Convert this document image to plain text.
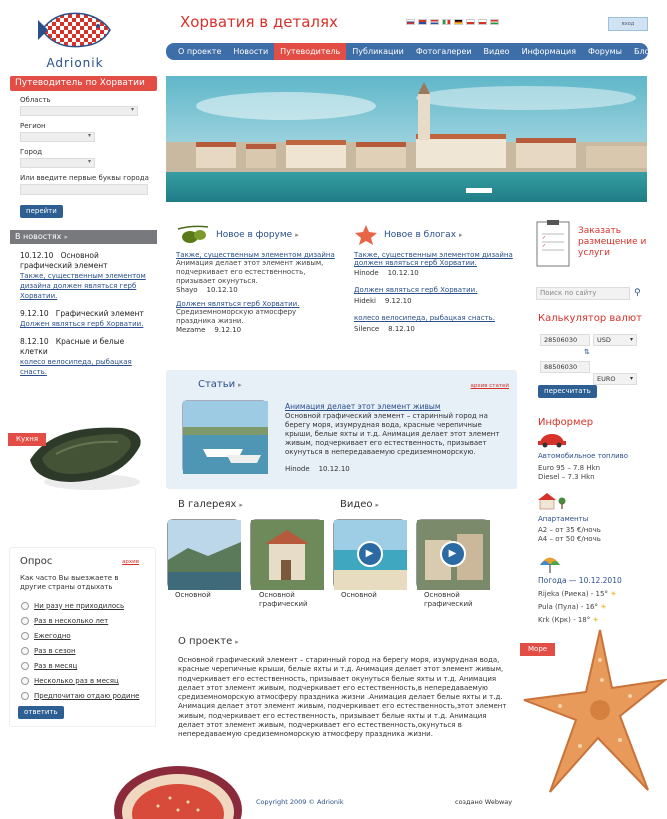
Adrionik
Хорватия в деталях	вход
О проекте	Новости	Путеводитель	Публикации	Фотогалереи	Видео	Информация	Форумы	Блоги
Путеводитель по Хорватии
Область
▾
Регион
▾
Город
▾
Или введите первые буквы города
перейти
В новостях »
10.12.10 Основной графический элемент
Также, существенным элементом дизайна должен являться герб Хорватии.
9.12.10 Графический элемент
Должен являться герб Хорватии.
8.12.10 Красные и белые клетки
колесо велосипеда, рыбацкая снасть.
Кухня
Опрос	архив
Как часто Вы выезжаете в другие страны отдыхать
Ни разу не приходилось
Раз в несколько лет
Ежегодно
Раз в сезон
Раз в месяц
Несколько раз в месяц
Предпочитаю отдаю родине
ответить
Новое в форуме ▸
Также, существенным элементом дизайна
Анимация делает этот элемент живым, подчеркивает его естественность, призывает окунуться.
Shayo 10.12.10
Должен являться герб Хорватии.
Средиземноморскую атмосферу праздника жизни.
Mezame 9.12.10
Новое в блогах ▸
Также, существенным элементом дизайна должен являться герб Хорватии.
Hinode 10.12.10
Должен являться герб Хорватии.
Hideki 9.12.10
колесо велосипеда, рыбацкая снасть.
Silence 8.12.10
Статьи ▸	архив статей
Анимация делает этот элемент живым
Основной графический элемент – старинный город на берегу моря, изумрудная вода, красные черепичные крыши, белые яхты и т.д. Анимация делает этот элемент живым, подчеркивает его естественность, призывает окунуться в непередаваемую средиземноморскую.
Hinode 10.12.10
В галереях ▸	Видео ▸
▶	▶
Основной	Основной графический
Основной	Основной графический
О проекте ▸
Основной графический элемент – старинный город на берегу моря, изумрудная вода, красные черепичные крыши, белые яхты и т.д. Анимация делает этот элемент живым, подчеркивает его естественность, призывает окунуться белые яхты и т.д. Анимация делает этот элемент живым, подчеркивает его естественность,в непередаваемую средиземноморскую атмосферу праздника жизни .Анимация делает белые яхты и т.д. Анимация делает этот элемент живым, подчеркивает его естественность,этот элемент живым, подчеркивает его естественность, призывает белые яхты и т.д. Анимация делает этот элемент живым, подчеркивает его естественность,окунуться в непередаваемую средиземноморскую атмосферу праздника жизни.
✓
✓
Заказать размещение и услуги
Поиск по сайту	⚲
Калькулятор валют
28506030	USD ▾
⇅
88506030
EURO ▾
пересчитать
Информер
Автомобильное топливо
Euro 95 – 7.8 Hkn
Diesel – 7.3 Hkn
Апартаменты
A2 – от 35 €/ночь
A4 – от 50 €/ночь
Погода — 10.12.2010
Rijeka (Риека) - 15° ☀
Pula (Пула) - 16° ☀
Krk (Крк) - 18° ☀
Море
Copyright 2009 © Adrionik	создано Webway
